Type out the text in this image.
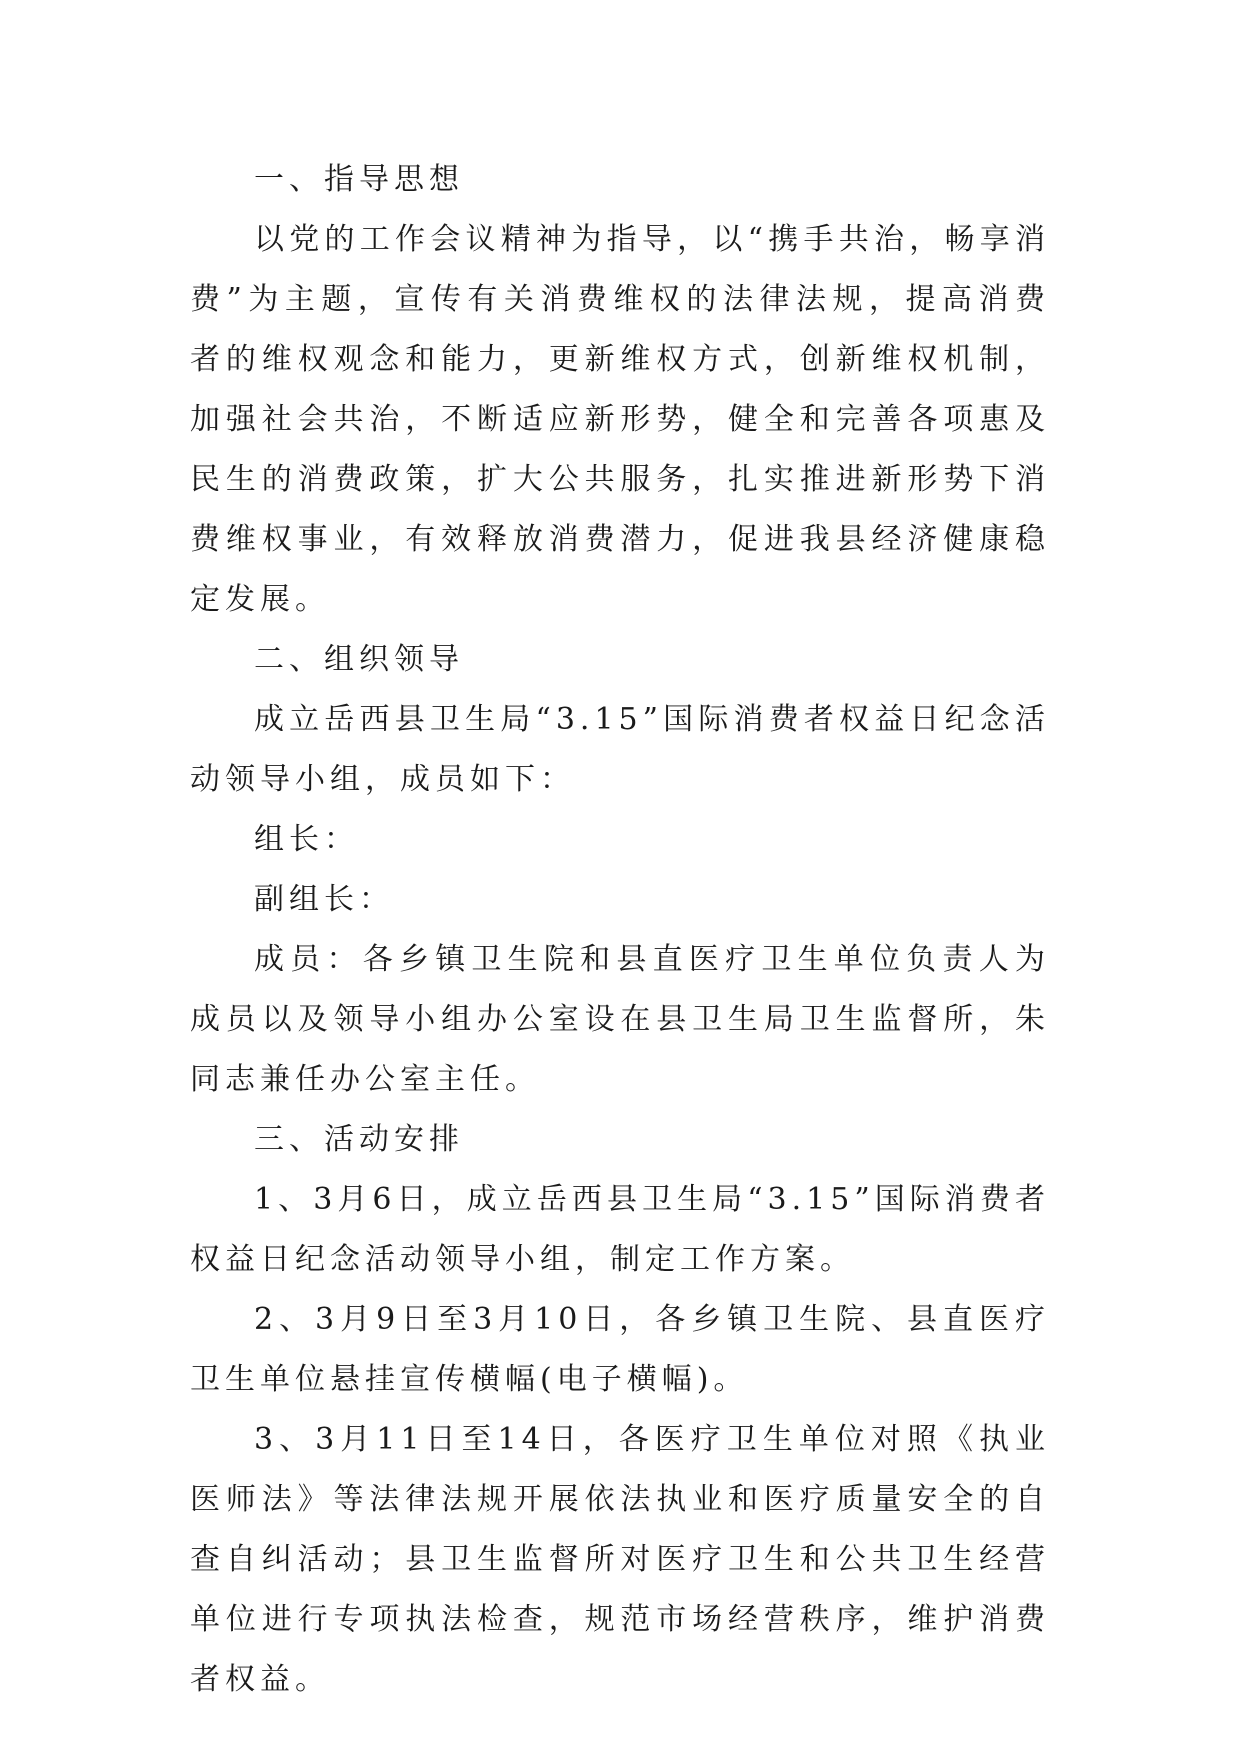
一、指导思想

以党的工作会议精神为指导，以“携手共治，畅享消费”为主题，宣传有关消费维权的法律法规，提高消费者的维权观念和能力，更新维权方式，创新维权机制，加强社会共治，不断适应新形势，健全和完善各项惠及民生的消费政策，扩大公共服务，扎实推进新形势下消费维权事业，有效释放消费潜力，促进我县经济健康稳定发展。

二、组织领导

成立岳西县卫生局“3.15”国际消费者权益日纪念活动领导小组，成员如下：

组长：

副组长：

成员：各乡镇卫生院和县直医疗卫生单位负责人为成员以及领导小组办公室设在县卫生局卫生监督所，朱同志兼任办公室主任。

三、活动安排

1、3月6日，成立岳西县卫生局“3.15”国际消费者权益日纪念活动领导小组，制定工作方案。

2、3月9日至3月10日，各乡镇卫生院、县直医疗卫生单位悬挂宣传横幅(电子横幅)。

3、3月11日至14日，各医疗卫生单位对照《执业医师法》等法律法规开展依法执业和医疗质量安全的自查自纠活动；县卫生监督所对医疗卫生和公共卫生经营单位进行专项执法检查，规范市场经营秩序，维护消费者权益。
